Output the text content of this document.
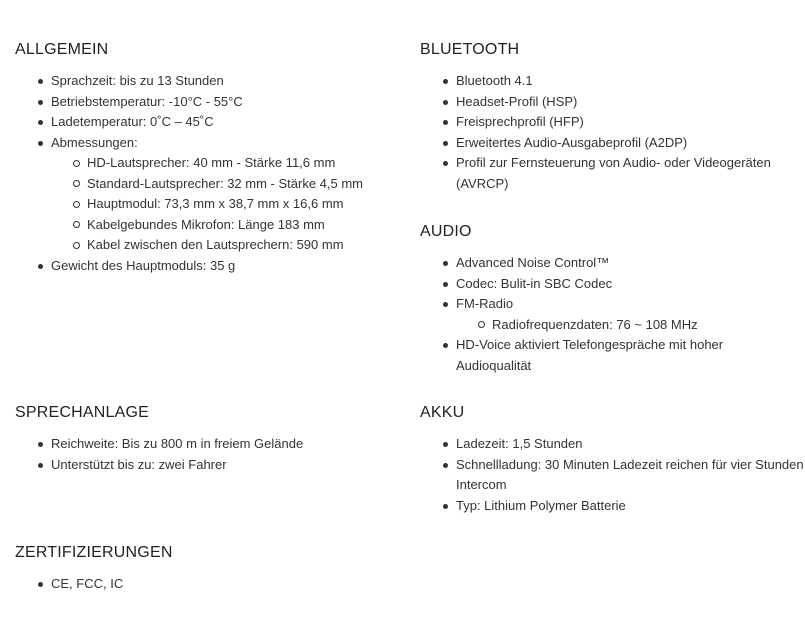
ALLGEMEIN
Sprachzeit: bis zu 13 Stunden
Betriebstemperatur: -10°C - 55°C
Ladetemperatur: 0˚C – 45˚C
Abmessungen:
HD-Lautsprecher: 40 mm - Stärke 11,6 mm
Standard-Lautsprecher: 32 mm - Stärke 4,5 mm
Hauptmodul: 73,3 mm x 38,7 mm x 16,6 mm
Kabelgebundes Mikrofon: Länge 183 mm
Kabel zwischen den Lautsprechern: 590 mm
Gewicht des Hauptmoduls: 35 g
BLUETOOTH
Bluetooth 4.1
Headset-Profil (HSP)
Freisprechprofil (HFP)
Erweitertes Audio-Ausgabeprofil (A2DP)
Profil zur Fernsteuerung von Audio- oder Videogeräten (AVRCP)
AUDIO
Advanced Noise Control™
Codec: Bulit-in SBC Codec
FM-Radio
Radiofrequenzdaten: 76 ~ 108 MHz
HD-Voice aktiviert Telefongespräche mit hoher Audioqualität
SPRECHANLAGE
Reichweite: Bis zu 800 m in freiem Gelände
Unterstützt bis zu: zwei Fahrer
AKKU
Ladezeit: 1,5 Stunden
Schnellladung: 30 Minuten Ladezeit reichen für vier Stunden Intercom
Typ: Lithium Polymer Batterie
ZERTIFIZIERUNGEN
CE, FCC, IC
